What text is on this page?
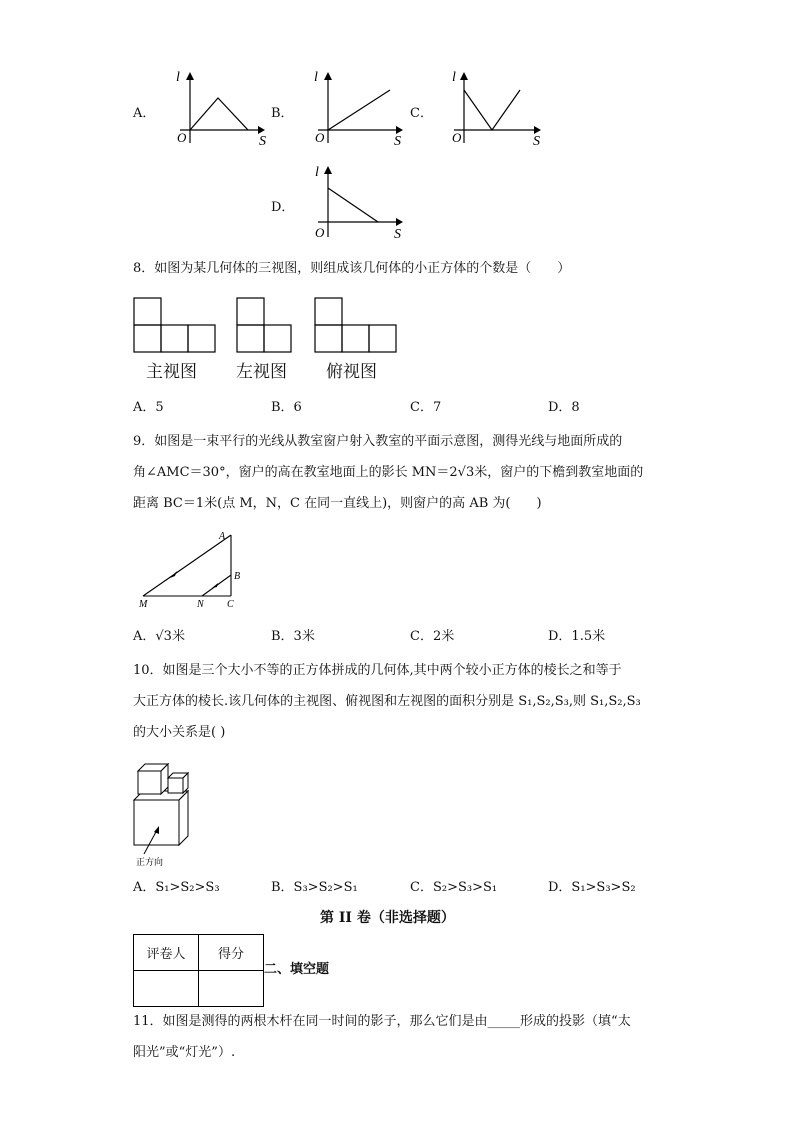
A．
l
O	S
B．
l
O	S
C．
l
O	S
D．
l
O	S
8．如图为某几何体的三视图，则组成该几何体的小正方体的个数是（　　）
主视图 左视图 俯视图
A．5	B．6	C．7	D．8
9．如图是一束平行的光线从教室窗户射入教室的平面示意图，测得光线与地面所成的
角∠AMC＝30°，窗户的高在教室地面上的影长 MN＝2√3米，窗户的下檐到教室地面的
距离 BC＝1米(点 M，N，C 在同一直线上)，则窗户的高 AB 为(　　)
A
B
M	N C
A．√3米	B．3米	C．2米	D．1.5米
10．如图是三个大小不等的正方体拼成的几何体,其中两个较小正方体的棱长之和等于
大正方体的棱长.该几何体的主视图、俯视图和左视图的面积分别是 S₁,S₂,S₃,则 S₁,S₂,S₃
的大小关系是( )
正方向
A．S₁>S₂>S₃	B．S₃>S₂>S₁	C．S₂>S₃>S₁	D．S₁>S₃>S₂
第 II 卷（非选择题）
评卷人	得分

二、填空题
11．如图是测得的两根木杆在同一时间的影子，那么它们是由_____形成的投影（填“太
阳光”或“灯光”）.
